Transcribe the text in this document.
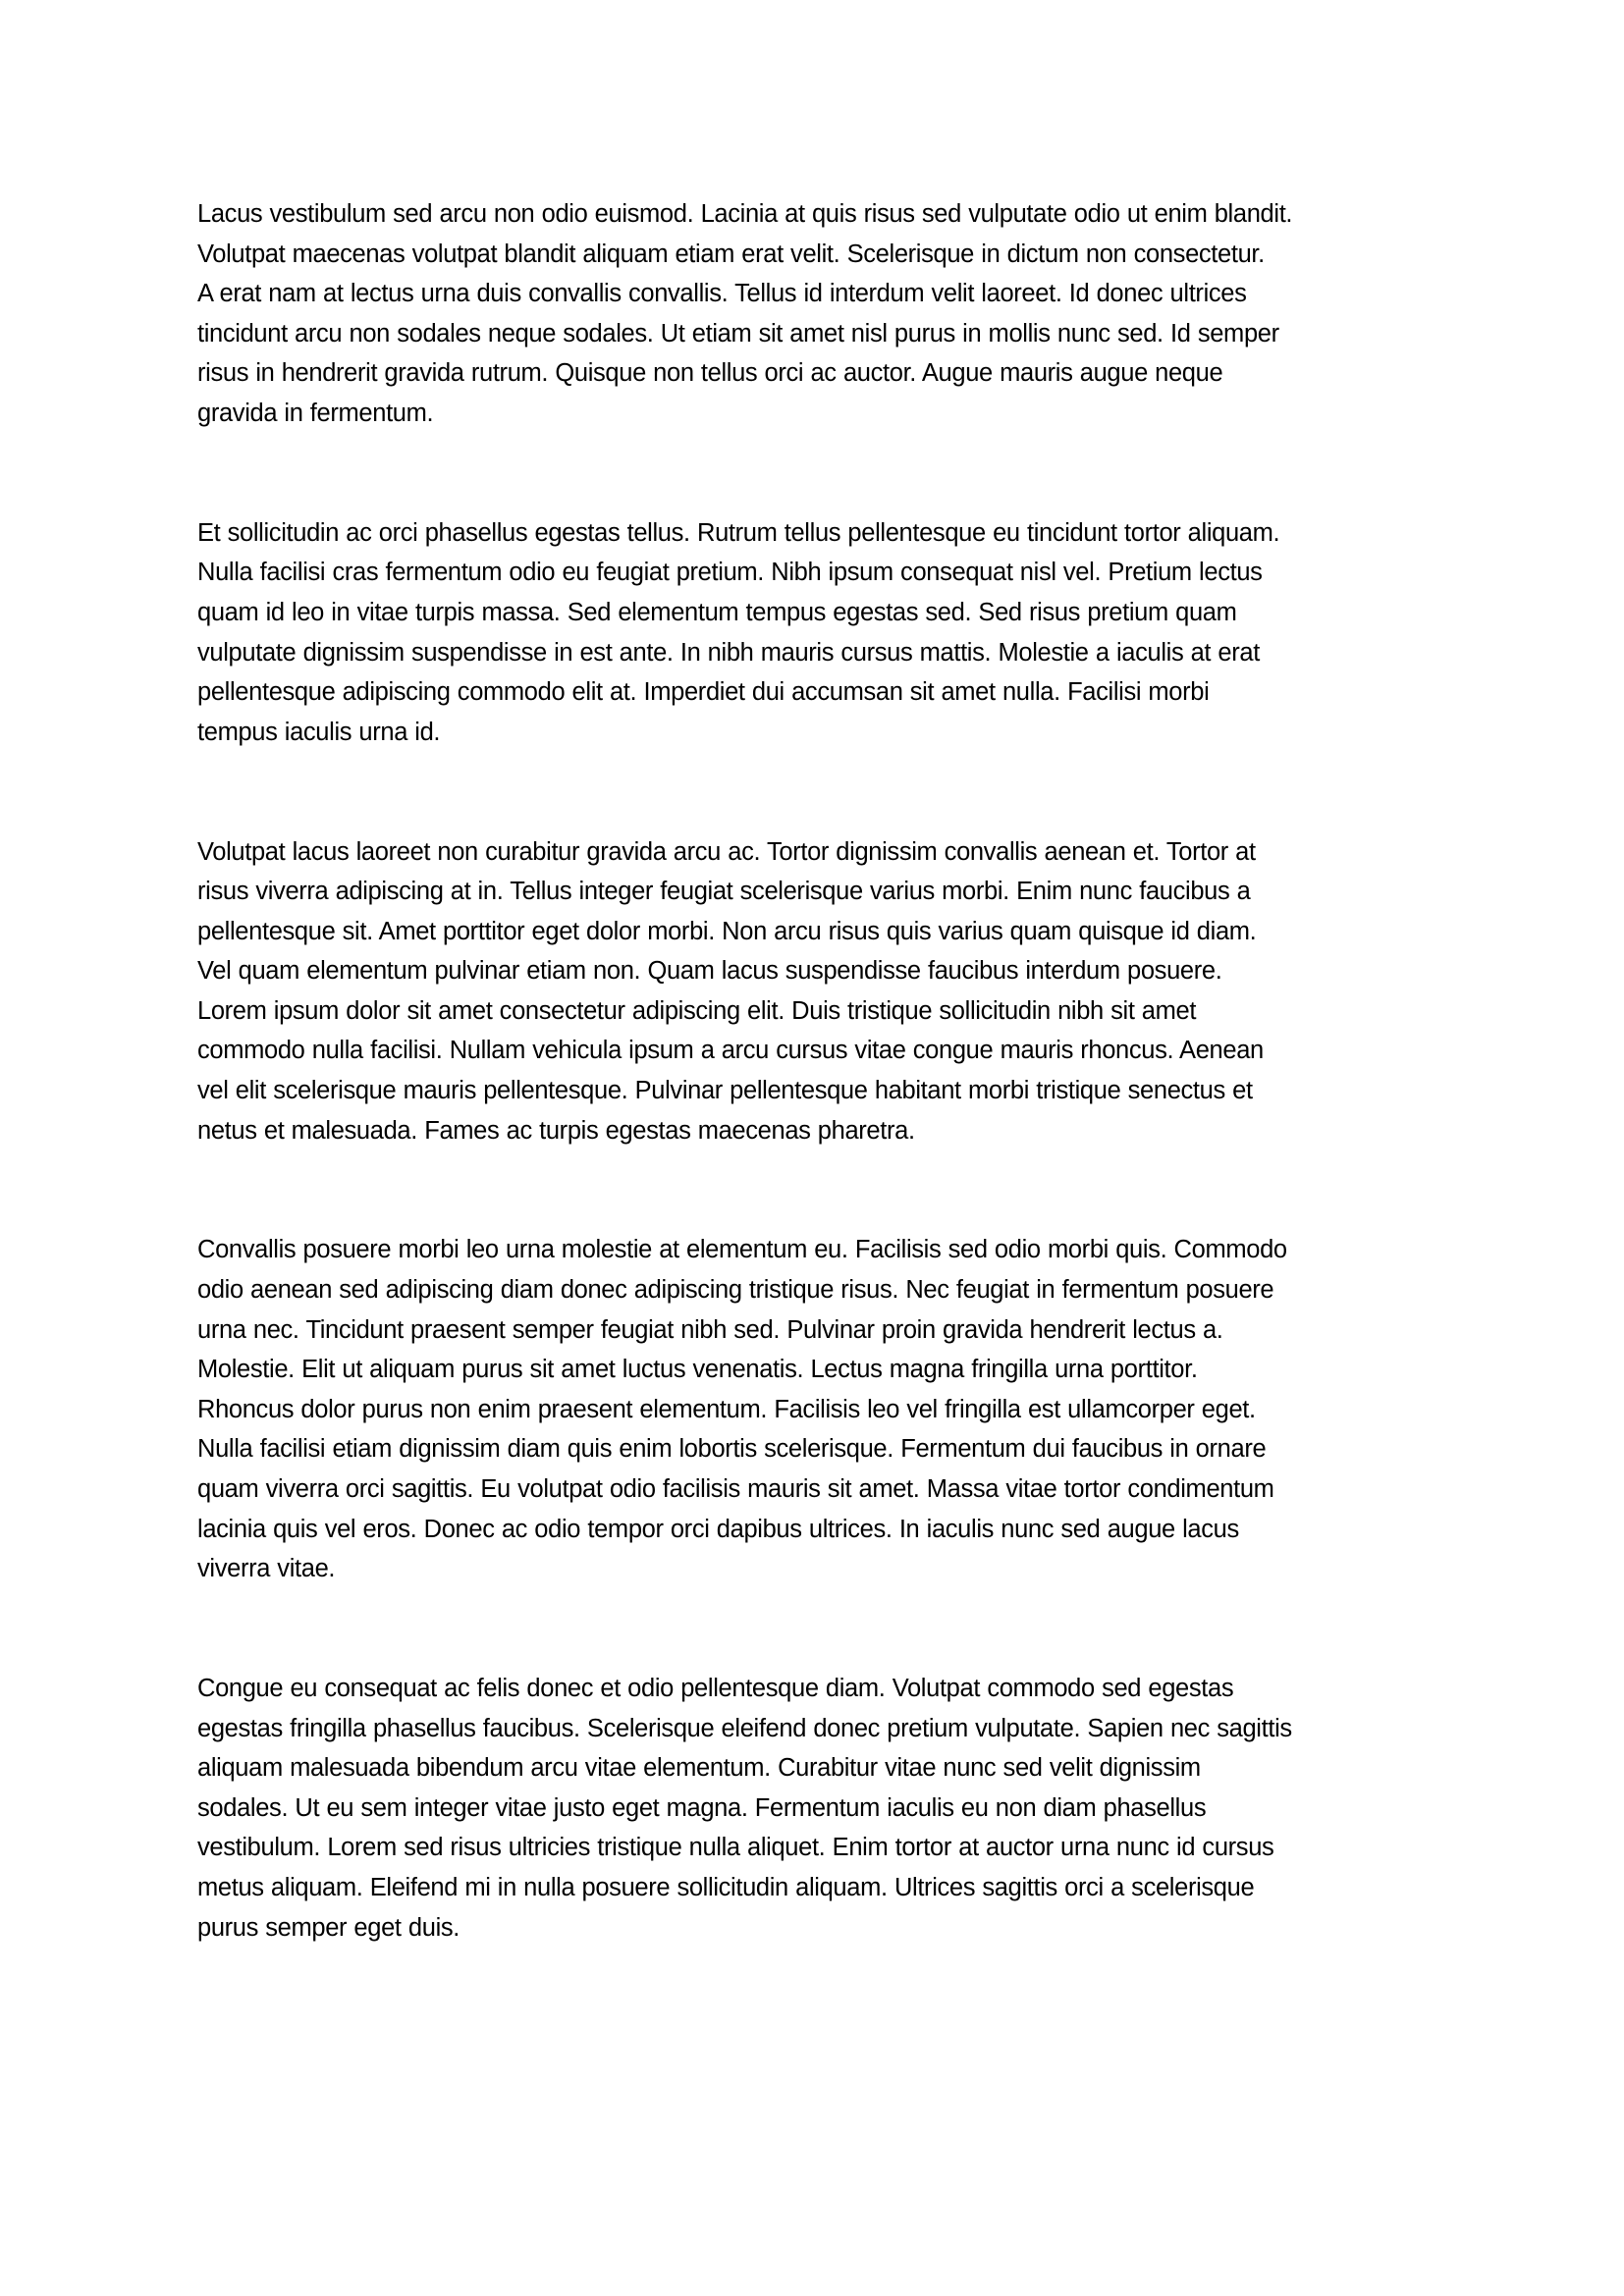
Lacus vestibulum sed arcu non odio euismod. Lacinia at quis risus sed vulputate odio ut enim blandit.
Volutpat maecenas volutpat blandit aliquam etiam erat velit. Scelerisque in dictum non consectetur.
A erat nam at lectus urna duis convallis convallis. Tellus id interdum velit laoreet. Id donec ultrices
tincidunt arcu non sodales neque sodales. Ut etiam sit amet nisl purus in mollis nunc sed. Id semper
risus in hendrerit gravida rutrum. Quisque non tellus orci ac auctor. Augue mauris augue neque
gravida in fermentum.

Et sollicitudin ac orci phasellus egestas tellus. Rutrum tellus pellentesque eu tincidunt tortor aliquam.
Nulla facilisi cras fermentum odio eu feugiat pretium. Nibh ipsum consequat nisl vel. Pretium lectus
quam id leo in vitae turpis massa. Sed elementum tempus egestas sed. Sed risus pretium quam
vulputate dignissim suspendisse in est ante. In nibh mauris cursus mattis. Molestie a iaculis at erat
pellentesque adipiscing commodo elit at. Imperdiet dui accumsan sit amet nulla. Facilisi morbi
tempus iaculis urna id.

Volutpat lacus laoreet non curabitur gravida arcu ac. Tortor dignissim convallis aenean et. Tortor at
risus viverra adipiscing at in. Tellus integer feugiat scelerisque varius morbi. Enim nunc faucibus a
pellentesque sit. Amet porttitor eget dolor morbi. Non arcu risus quis varius quam quisque id diam.
Vel quam elementum pulvinar etiam non. Quam lacus suspendisse faucibus interdum posuere.
Lorem ipsum dolor sit amet consectetur adipiscing elit. Duis tristique sollicitudin nibh sit amet
commodo nulla facilisi. Nullam vehicula ipsum a arcu cursus vitae congue mauris rhoncus. Aenean
vel elit scelerisque mauris pellentesque. Pulvinar pellentesque habitant morbi tristique senectus et
netus et malesuada. Fames ac turpis egestas maecenas pharetra.

Convallis posuere morbi leo urna molestie at elementum eu. Facilisis sed odio morbi quis. Commodo
odio aenean sed adipiscing diam donec adipiscing tristique risus. Nec feugiat in fermentum posuere
urna nec. Tincidunt praesent semper feugiat nibh sed. Pulvinar proin gravida hendrerit lectus a.
Molestie. Elit ut aliquam purus sit amet luctus venenatis. Lectus magna fringilla urna porttitor.
Rhoncus dolor purus non enim praesent elementum. Facilisis leo vel fringilla est ullamcorper eget.
Nulla facilisi etiam dignissim diam quis enim lobortis scelerisque. Fermentum dui faucibus in ornare
quam viverra orci sagittis. Eu volutpat odio facilisis mauris sit amet. Massa vitae tortor condimentum
lacinia quis vel eros. Donec ac odio tempor orci dapibus ultrices. In iaculis nunc sed augue lacus
viverra vitae.

Congue eu consequat ac felis donec et odio pellentesque diam. Volutpat commodo sed egestas
egestas fringilla phasellus faucibus. Scelerisque eleifend donec pretium vulputate. Sapien nec sagittis
aliquam malesuada bibendum arcu vitae elementum. Curabitur vitae nunc sed velit dignissim
sodales. Ut eu sem integer vitae justo eget magna. Fermentum iaculis eu non diam phasellus
vestibulum. Lorem sed risus ultricies tristique nulla aliquet. Enim tortor at auctor urna nunc id cursus
metus aliquam. Eleifend mi in nulla posuere sollicitudin aliquam. Ultrices sagittis orci a scelerisque
purus semper eget duis.
